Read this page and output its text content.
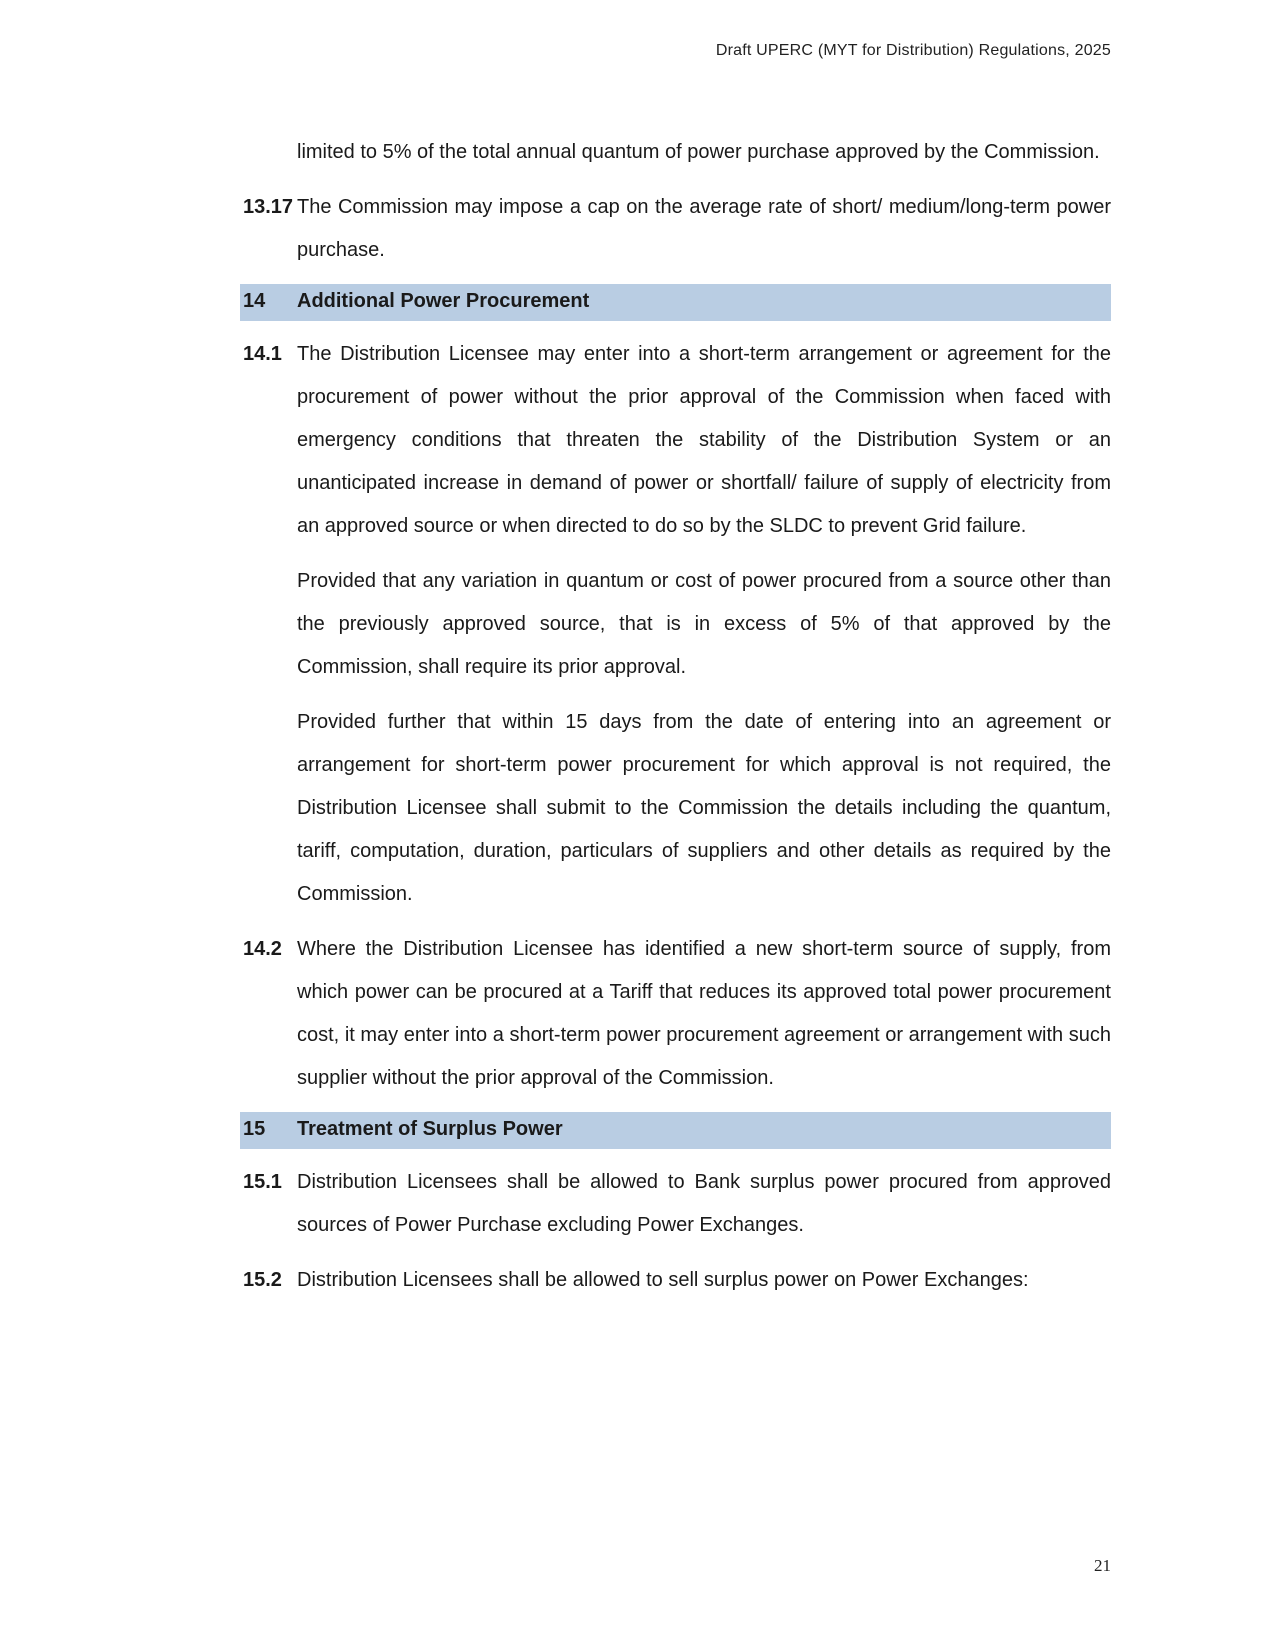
Draft UPERC (MYT for Distribution) Regulations, 2025

limited to 5% of the total annual quantum of power purchase approved by the Commission.

13.17 The Commission may impose a cap on the average rate of short/ medium/long-term power purchase.
14 Additional Power Procurement
14.1 The Distribution Licensee may enter into a short-term arrangement or agreement for the procurement of power without the prior approval of the Commission when faced with emergency conditions that threaten the stability of the Distribution System or an unanticipated increase in demand of power or shortfall/ failure of supply of electricity from an approved source or when directed to do so by the SLDC to prevent Grid failure.

Provided that any variation in quantum or cost of power procured from a source other than the previously approved source, that is in excess of 5% of that approved by the Commission, shall require its prior approval.

Provided further that within 15 days from the date of entering into an agreement or arrangement for short-term power procurement for which approval is not required, the Distribution Licensee shall submit to the Commission the details including the quantum, tariff, computation, duration, particulars of suppliers and other details as required by the Commission.

14.2 Where the Distribution Licensee has identified a new short-term source of supply, from which power can be procured at a Tariff that reduces its approved total power procurement cost, it may enter into a short-term power procurement agreement or arrangement with such supplier without the prior approval of the Commission.
15 Treatment of Surplus Power
15.1 Distribution Licensees shall be allowed to Bank surplus power procured from approved sources of Power Purchase excluding Power Exchanges.
15.2 Distribution Licensees shall be allowed to sell surplus power on Power Exchanges:
21
